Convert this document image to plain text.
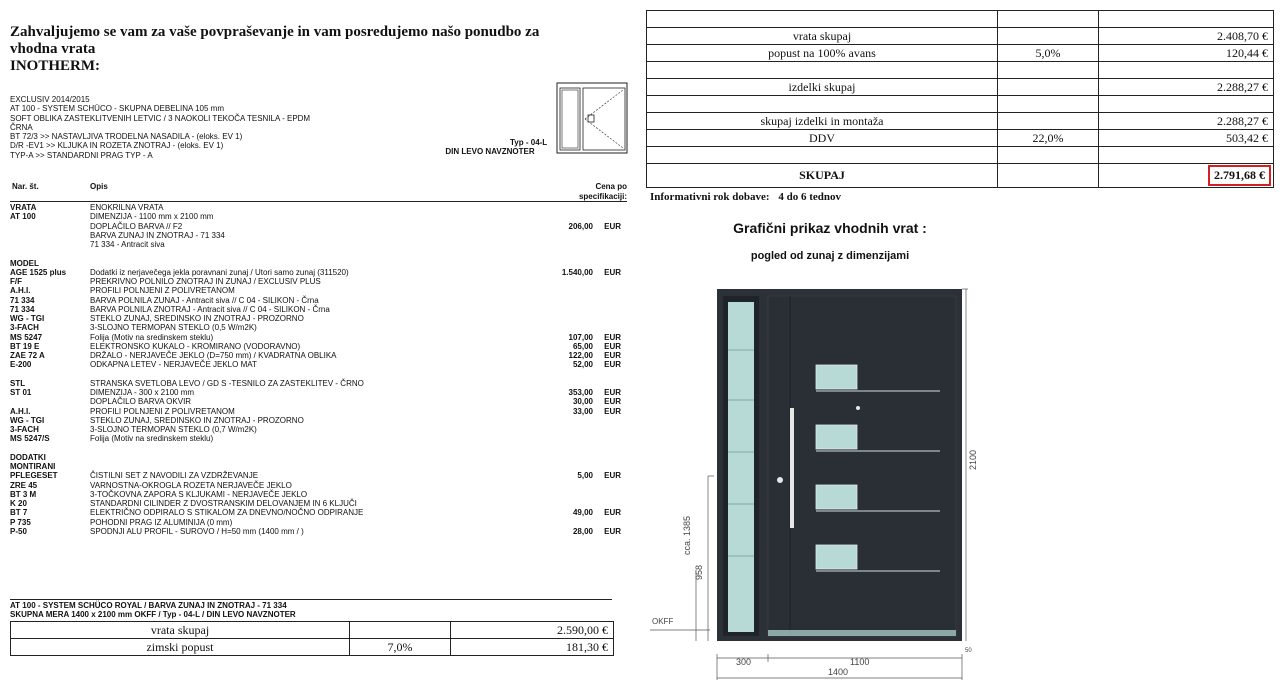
Zahvaljujemo se vam za vaše povpraševanje in vam posredujemo našo ponudbo za vhodna vrata
INOTHERM:
EXCLUSIV 2014/2015
AT 100 - SYSTEM SCHÜCO - SKUPNA DEBELINA 105 mm
SOFT OBLIKA ZASTEKLITVENIH LETVIC / 3 NAOKOLI TEKOČA TESNILA - EPDM
ČRNA
BT 72/3 >> NASTAVLJIVA TRODELNA NASADILA - (eloks. EV 1)
D/R -EV1 >> KLJUKA IN ROZETA ZNOTRAJ - (eloks. EV 1)
TYP-A >> STANDARDNI PRAG TYP - A
Typ - 04-L
DIN LEVO NAVZNOTER
Nar. št.	Opis	Cena po
specifikaciji:
VRATA	ENOKRILNA VRATA
AT 100	DIMENZIJA - 1100 mm x 2100 mm
DOPLAČILO BARVA // F2	206,00 EUR
BARVA ZUNAJ IN ZNOTRAJ - 71 334
71 334 - Antracit siva
MODEL
AGE 1525 plus	Dodatki iz nerjavečega jekla poravnani zunaj / Utori samo zunaj (311520)	1.540,00 EUR
F/F	PREKRIVNO POLNILO ZNOTRAJ IN ZUNAJ / EXCLUSIV PLUS
A.H.I.	PROFILI POLNJENI Z POLIVRETANOM
71 334	BARVA POLNILA ZUNAJ - Antracit siva // C 04 - SILIKON - Črna
71 334	BARVA POLNILA ZNOTRAJ - Antracit siva // C 04 - SILIKON - Črna
WG - TGI	STEKLO ZUNAJ, SREDINSKO IN ZNOTRAJ - PROZORNO
3-FACH	3-SLOJNO TERMOPAN STEKLO (0,5 W/m2K)
MS 5247	Folija (Motiv na sredinskem steklu)	107,00 EUR
BT 19 E	ELEKTRONSKO KUKALO - KROMIRANO (VODORAVNO)	65,00 EUR
ZAE 72 A	DRŽALO - NERJAVEČE JEKLO (D=750 mm) / KVADRATNA OBLIKA	122,00 EUR
E-200	ODKAPNA LETEV - NERJAVEČE JEKLO MAT	52,00 EUR
STL	STRANSKA SVETLOBA LEVO / GD S -TESNILO ZA ZASTEKLITEV - ČRNO
ST 01	DIMENZIJA - 300 x 2100 mm	353,00 EUR
DOPLAČILO BARVA OKVIR	30,00 EUR
A.H.I.	PROFILI POLNJENI Z POLIVRETANOM	33,00 EUR
WG - TGI	STEKLO ZUNAJ, SREDINSKO IN ZNOTRAJ - PROZORNO
3-FACH	3-SLOJNO TERMOPAN STEKLO (0,7 W/m2K)
MS 5247/S	Folija (Motiv na sredinskem steklu)
DODATKI
MONTIRANI
PFLEGESET	ČISTILNI SET Z NAVODILI ZA VZDRŽEVANJE	5,00 EUR
ZRE 45	VARNOSTNA-OKROGLA ROZETA NERJAVEČE JEKLO
BT 3 M	3-TOČKOVNA ZAPORA S KLJUKAMI - NERJAVEČE JEKLO
K 20	STANDARDNI CILINDER Z DVOSTRANSKIM DELOVANJEM IN 6 KLJUČI
BT 7	ELEKTRIČNO ODPIRALO S STIKALOM ZA DNEVNO/NOČNO ODPIRANJE	49,00 EUR
P 735	POHODNI PRAG IZ ALUMINIJA (0 mm)
P-50	SPODNJI ALU PROFIL - SUROVO / H=50 mm (1400 mm / )	28,00 EUR
AT 100 - SYSTEM SCHÜCO ROYAL / BARVA ZUNAJ IN ZNOTRAJ - 71 334
SKUPNA MERA 1400 x 2100 mm OKFF / Typ - 04-L / DIN LEVO NAVZNOTER
vrata skupaj		2.590,00 €
zimski popust	7,0%	181,30 €

vrata skupaj		2.408,70 €
popust na 100% avans	5,0%	120,44 €

izdelki skupaj		2.288,27 €

skupaj izdelki in montaža		2.288,27 €
DDV	22,0%	503,42 €

SKUPAJ		2.791,68 €
Informativni rok dobave: 4 do 6 tednov
Grafični prikaz vhodnih vrat :
pogled od zunaj z dimenzijami
2100
cca. 1385
958
OKFF
50
300	1100
1400
